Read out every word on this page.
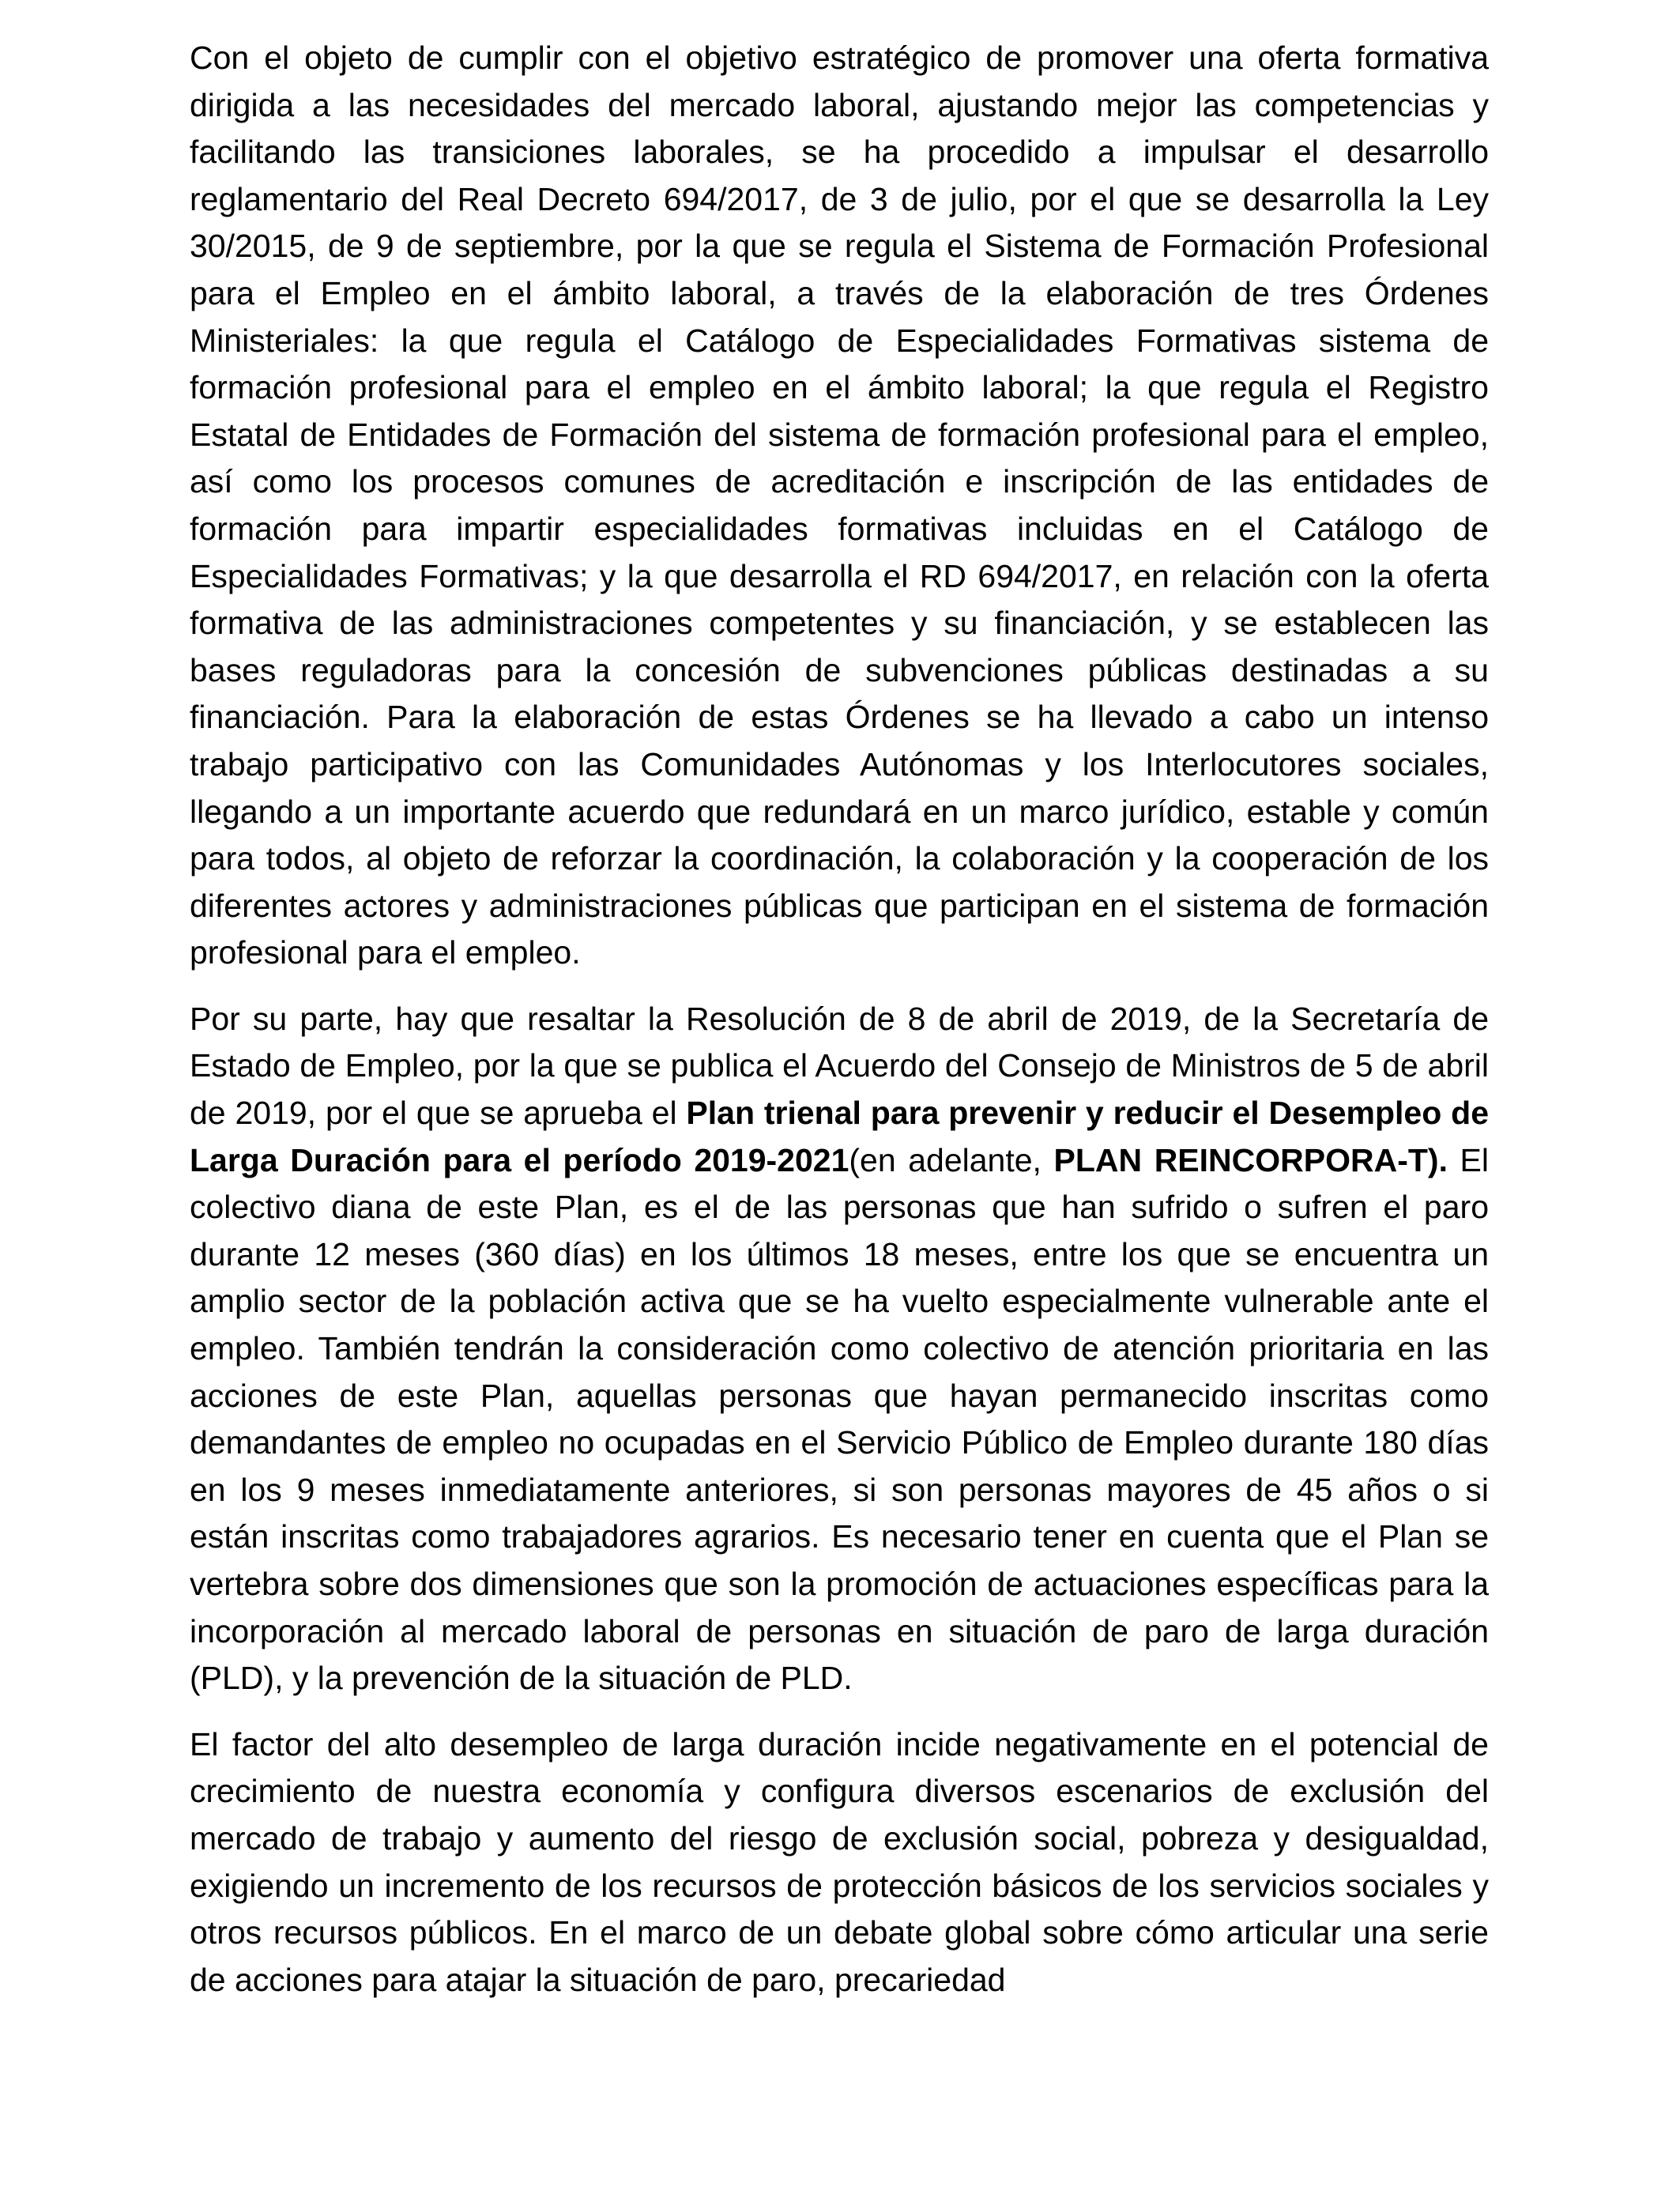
Con el objeto de cumplir con el objetivo estratégico de promover una oferta formativa dirigida a las necesidades del mercado laboral, ajustando mejor las competencias y facilitando las transiciones laborales, se ha procedido a impulsar el desarrollo reglamentario del Real Decreto 694/2017, de 3 de julio, por el que se desarrolla la Ley 30/2015, de 9 de septiembre, por la que se regula el Sistema de Formación Profesional para el Empleo en el ámbito laboral, a través de la elaboración de tres Órdenes Ministeriales: la que regula el Catálogo de Especialidades Formativas sistema de formación profesional para el empleo en el ámbito laboral; la que regula el Registro Estatal de Entidades de Formación del sistema de formación profesional para el empleo, así como los procesos comunes de acreditación e inscripción de las entidades de formación para impartir especialidades formativas incluidas en el Catálogo de Especialidades Formativas; y la que desarrolla el RD 694/2017, en relación con la oferta formativa de las administraciones competentes y su financiación, y se establecen las bases reguladoras para la concesión de subvenciones públicas destinadas a su financiación. Para la elaboración de estas Órdenes se ha llevado a cabo un intenso trabajo participativo con las Comunidades Autónomas y los Interlocutores sociales, llegando a un importante acuerdo que redundará en un marco jurídico, estable y común para todos, al objeto de reforzar la coordinación, la colaboración y la cooperación de los diferentes actores y administraciones públicas que participan en el sistema de formación profesional para el empleo.

Por su parte, hay que resaltar la Resolución de 8 de abril de 2019, de la Secretaría de Estado de Empleo, por la que se publica el Acuerdo del Consejo de Ministros de 5 de abril de 2019, por el que se aprueba el Plan trienal para prevenir y reducir el Desempleo de Larga Duración para el período 2019-2021(en adelante, PLAN REINCORPORA-T). El colectivo diana de este Plan, es el de las personas que han sufrido o sufren el paro durante 12 meses (360 días) en los últimos 18 meses, entre los que se encuentra un amplio sector de la población activa que se ha vuelto especialmente vulnerable ante el empleo. También tendrán la consideración como colectivo de atención prioritaria en las acciones de este Plan, aquellas personas que hayan permanecido inscritas como demandantes de empleo no ocupadas en el Servicio Público de Empleo durante 180 días en los 9 meses inmediatamente anteriores, si son personas mayores de 45 años o si están inscritas como trabajadores agrarios. Es necesario tener en cuenta que el Plan se vertebra sobre dos dimensiones que son la promoción de actuaciones específicas para la incorporación al mercado laboral de personas en situación de paro de larga duración (PLD), y la prevención de la situación de PLD.

El factor del alto desempleo de larga duración incide negativamente en el potencial de crecimiento de nuestra economía y configura diversos escenarios de exclusión del mercado de trabajo y aumento del riesgo de exclusión social, pobreza y desigualdad, exigiendo un incremento de los recursos de protección básicos de los servicios sociales y otros recursos públicos. En el marco de un debate global sobre cómo articular una serie de acciones para atajar la situación de paro, precariedad
